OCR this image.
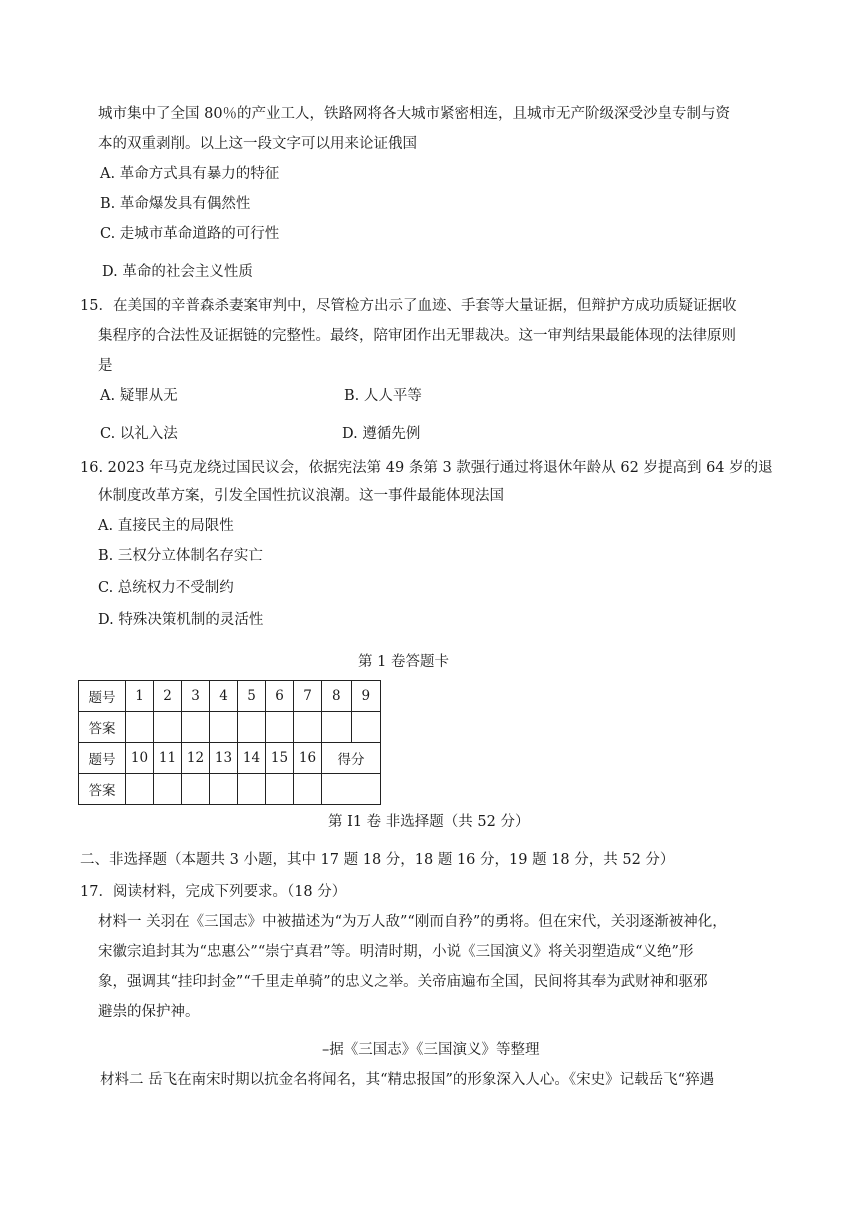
城市集中了全国 80％的产业工人，铁路网将各大城市紧密相连，且城市无产阶级深受沙皇专制与资
本的双重剥削。以上这一段文字可以用来论证俄国
A. 革命方式具有暴力的特征
B. 革命爆发具有偶然性
C. 走城市革命道路的可行性
D. 革命的社会主义性质
15．在美国的辛普森杀妻案审判中，尽管检方出示了血迹、手套等大量证据，但辩护方成功质疑证据收
集程序的合法性及证据链的完整性。最终，陪审团作出无罪裁决。这一审判结果最能体现的法律原则
是
A. 疑罪从无	B. 人人平等
C. 以礼入法	D. 遵循先例
16. 2023 年马克龙绕过国民议会，依据宪法第 49 条第 3 款强行通过将退休年龄从 62 岁提高到 64 岁的退
休制度改革方案，引发全国性抗议浪潮。这一事件最能体现法国
A. 直接民主的局限性
B. 三权分立体制名存实亡
C. 总统权力不受制约
D. 特殊决策机制的灵活性
第 1 卷答题卡
题号	1	2	3	4	5	6	7	8	9
答案									
题号	10	11	12	13	14	15	16	得分	
答案									
第 I1 卷 非选择题（共 52 分）
二、非选择题（本题共 3 小题，其中 17 题 18 分，18 题 16 分，19 题 18 分，共 52 分）
17．阅读材料，完成下列要求。（18 分）
材料一 关羽在《三国志》中被描述为“为万人敌”“刚而自矜”的勇将。但在宋代，关羽逐渐被神化，
宋徽宗追封其为“忠惠公”“崇宁真君”等。明清时期，小说《三国演义》将关羽塑造成“义绝”形
象，强调其“挂印封金”“千里走单骑”的忠义之举。关帝庙遍布全国，民间将其奉为武财神和驱邪
避祟的保护神。
–据《三国志》《三国演义》等整理
材料二 岳飞在南宋时期以抗金名将闻名，其“精忠报国”的形象深入人心。《宋史》记载岳飞“猝遇
